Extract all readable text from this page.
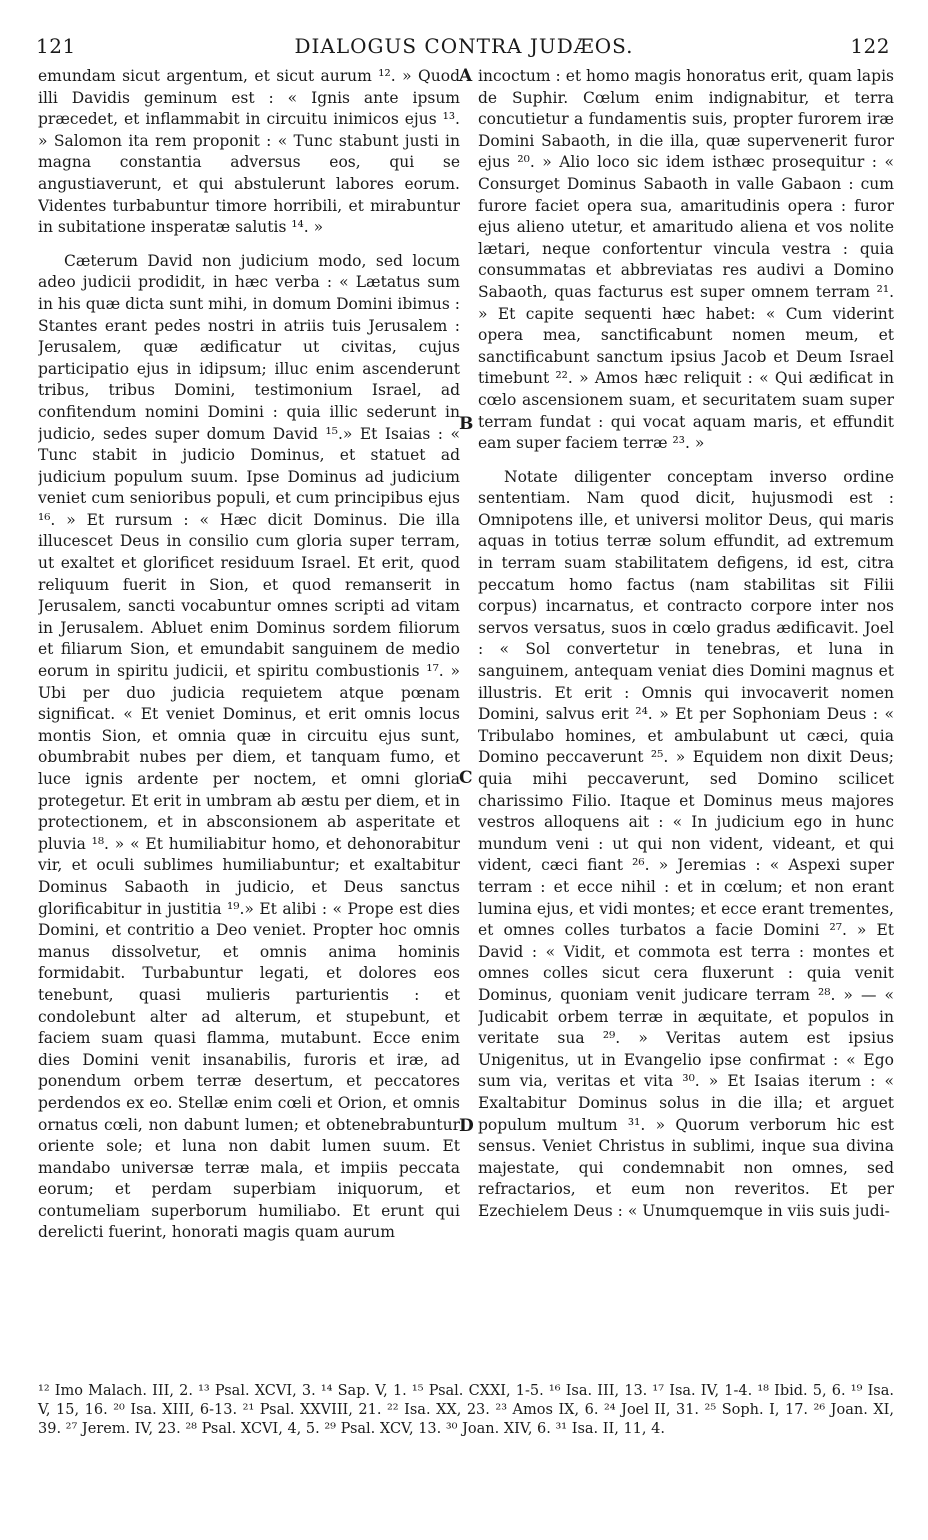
DIALOGUS CONTRA JUDÆOS.
121	122

emundam sicut argentum, et sicut aurum ¹². » Quod illi Davidis geminum est : « Ignis ante ipsum præcedet, et inflammabit in circuitu inimicos ejus ¹³. » Salomon ita rem proponit : « Tunc stabunt justi in magna constantia adversus eos, qui se angustiaverunt, et qui abstulerunt labores eorum. Videntes turbabuntur timore horribili, et mirabuntur in subitatione insperatæ salutis ¹⁴. »

Cæterum David non judicium modo, sed locum adeo judicii prodidit, in hæc verba : « Lætatus sum in his quæ dicta sunt mihi, in domum Domini ibimus : Stantes erant pedes nostri in atriis tuis Jerusalem : Jerusalem, quæ ædificatur ut civitas, cujus participatio ejus in idipsum; illuc enim ascenderunt tribus, tribus Domini, testimonium Israel, ad confitendum nomini Domini : quia illic sederunt in judicio, sedes super domum David ¹⁵.» Et Isaias : « Tunc stabit in judicio Dominus, et statuet ad judicium populum suum. Ipse Dominus ad judicium veniet cum senioribus populi, et cum principibus ejus ¹⁶. » Et rursum : « Hæc dicit Dominus. Die illa illucescet Deus in consilio cum gloria super terram, ut exaltet et glorificet residuum Israel. Et erit, quod reliquum fuerit in Sion, et quod remanserit in Jerusalem, sancti vocabuntur omnes scripti ad vitam in Jerusalem. Abluet enim Dominus sordem filiorum et filiarum Sion, et emundabit sanguinem de medio eorum in spiritu judicii, et spiritu combustionis ¹⁷. » Ubi per duo judicia requietem atque pœnam significat. « Et veniet Dominus, et erit omnis locus montis Sion, et omnia quæ in circuitu ejus sunt, obumbrabit nubes per diem, et tanquam fumo, et luce ignis ardente per noctem, et omni gloria protegetur. Et erit in umbram ab æstu per diem, et in protectionem, et in absconsionem ab asperitate et pluvia ¹⁸. » « Et humiliabitur homo, et dehonorabitur vir, et oculi sublimes humiliabuntur; et exaltabitur Dominus Sabaoth in judicio, et Deus sanctus glorificabitur in justitia ¹⁹.» Et alibi : « Prope est dies Domini, et contritio a Deo veniet. Propter hoc omnis manus dissolvetur, et omnis anima hominis formidabit. Turbabuntur legati, et dolores eos tenebunt, quasi mulieris parturientis : et condolebunt alter ad alterum, et stupebunt, et faciem suam quasi flamma, mutabunt. Ecce enim dies Domini venit insanabilis, furoris et iræ, ad ponendum orbem terræ desertum, et peccatores perdendos ex eo. Stellæ enim cœli et Orion, et omnis ornatus cœli, non dabunt lumen; et obtenebrabuntur oriente sole; et luna non dabit lumen suum. Et mandabo universæ terræ mala, et impiis peccata eorum; et perdam superbiam iniquorum, et contumeliam superborum humiliabo. Et erunt qui derelicti fuerint, honorati magis quam aurum

A
B
C
D

incoctum : et homo magis honoratus erit, quam lapis de Suphir. Cœlum enim indignabitur, et terra concutietur a fundamentis suis, propter furorem iræ Domini Sabaoth, in die illa, quæ supervenerit furor ejus ²⁰. » Alio loco sic idem isthæc prosequitur : « Consurget Dominus Sabaoth in valle Gabaon : cum furore faciet opera sua, amaritudinis opera : furor ejus alieno utetur, et amaritudo aliena et vos nolite lætari, neque confortentur vincula vestra : quia consummatas et abbreviatas res audivi a Domino Sabaoth, quas facturus est super omnem terram ²¹. » Et capite sequenti hæc habet: « Cum viderint opera mea, sanctificabunt nomen meum, et sanctificabunt sanctum ipsius Jacob et Deum Israel timebunt ²². » Amos hæc reliquit : « Qui ædificat in cœlo ascensionem suam, et securitatem suam super terram fundat : qui vocat aquam maris, et effundit eam super faciem terræ ²³. »

Notate diligenter conceptam inverso ordine sententiam. Nam quod dicit, hujusmodi est : Omnipotens ille, et universi molitor Deus, qui maris aquas in totius terræ solum effundit, ad extremum in terram suam stabilitatem defigens, id est, citra peccatum homo factus (nam stabilitas sit Filii corpus) incarnatus, et contracto corpore inter nos servos versatus, suos in cœlo gradus ædificavit. Joel : « Sol convertetur in tenebras, et luna in sanguinem, antequam veniat dies Domini magnus et illustris. Et erit : Omnis qui invocaverit nomen Domini, salvus erit ²⁴. » Et per Sophoniam Deus : « Tribulabo homines, et ambulabunt ut cæci, quia Domino peccaverunt ²⁵. » Equidem non dixit Deus; quia mihi peccaverunt, sed Domino scilicet charissimo Filio. Itaque et Dominus meus majores vestros alloquens ait : « In judicium ego in hunc mundum veni : ut qui non vident, videant, et qui vident, cæci fiant ²⁶. » Jeremias : « Aspexi super terram : et ecce nihil : et in cœlum; et non erant lumina ejus, et vidi montes; et ecce erant trementes, et omnes colles turbatos a facie Domini ²⁷. » Et David : « Vidit, et commota est terra : montes et omnes colles sicut cera fluxerunt : quia venit Dominus, quoniam venit judicare terram ²⁸. » — « Judicabit orbem terræ in æquitate, et populos in veritate sua ²⁹. » Veritas autem est ipsius Unigenitus, ut in Evangelio ipse confirmat : « Ego sum via, veritas et vita ³⁰. » Et Isaias iterum : « Exaltabitur Dominus solus in die illa; et arguet populum multum ³¹. » Quorum verborum hic est sensus. Veniet Christus in sublimi, inque sua divina majestate, qui condemnabit non omnes, sed refractarios, et eum non reveritos. Et per Ezechielem Deus : « Unumquemque in viis suis judi-

¹² Imo Malach. III, 2. ¹³ Psal. XCVI, 3. ¹⁴ Sap. V, 1. ¹⁵ Psal. CXXI, 1-5. ¹⁶ Isa. III, 13. ¹⁷ Isa. IV, 1-4. ¹⁸ Ibid. 5, 6. ¹⁹ Isa. V, 15, 16. ²⁰ Isa. XIII, 6-13. ²¹ Psal. XXVIII, 21. ²² Isa. XX, 23. ²³ Amos IX, 6. ²⁴ Joel II, 31. ²⁵ Soph. I, 17. ²⁶ Joan. XI, 39. ²⁷ Jerem. IV, 23. ²⁸ Psal. XCVI, 4, 5. ²⁹ Psal. XCV, 13. ³⁰ Joan. XIV, 6. ³¹ Isa. II, 11, 4.
